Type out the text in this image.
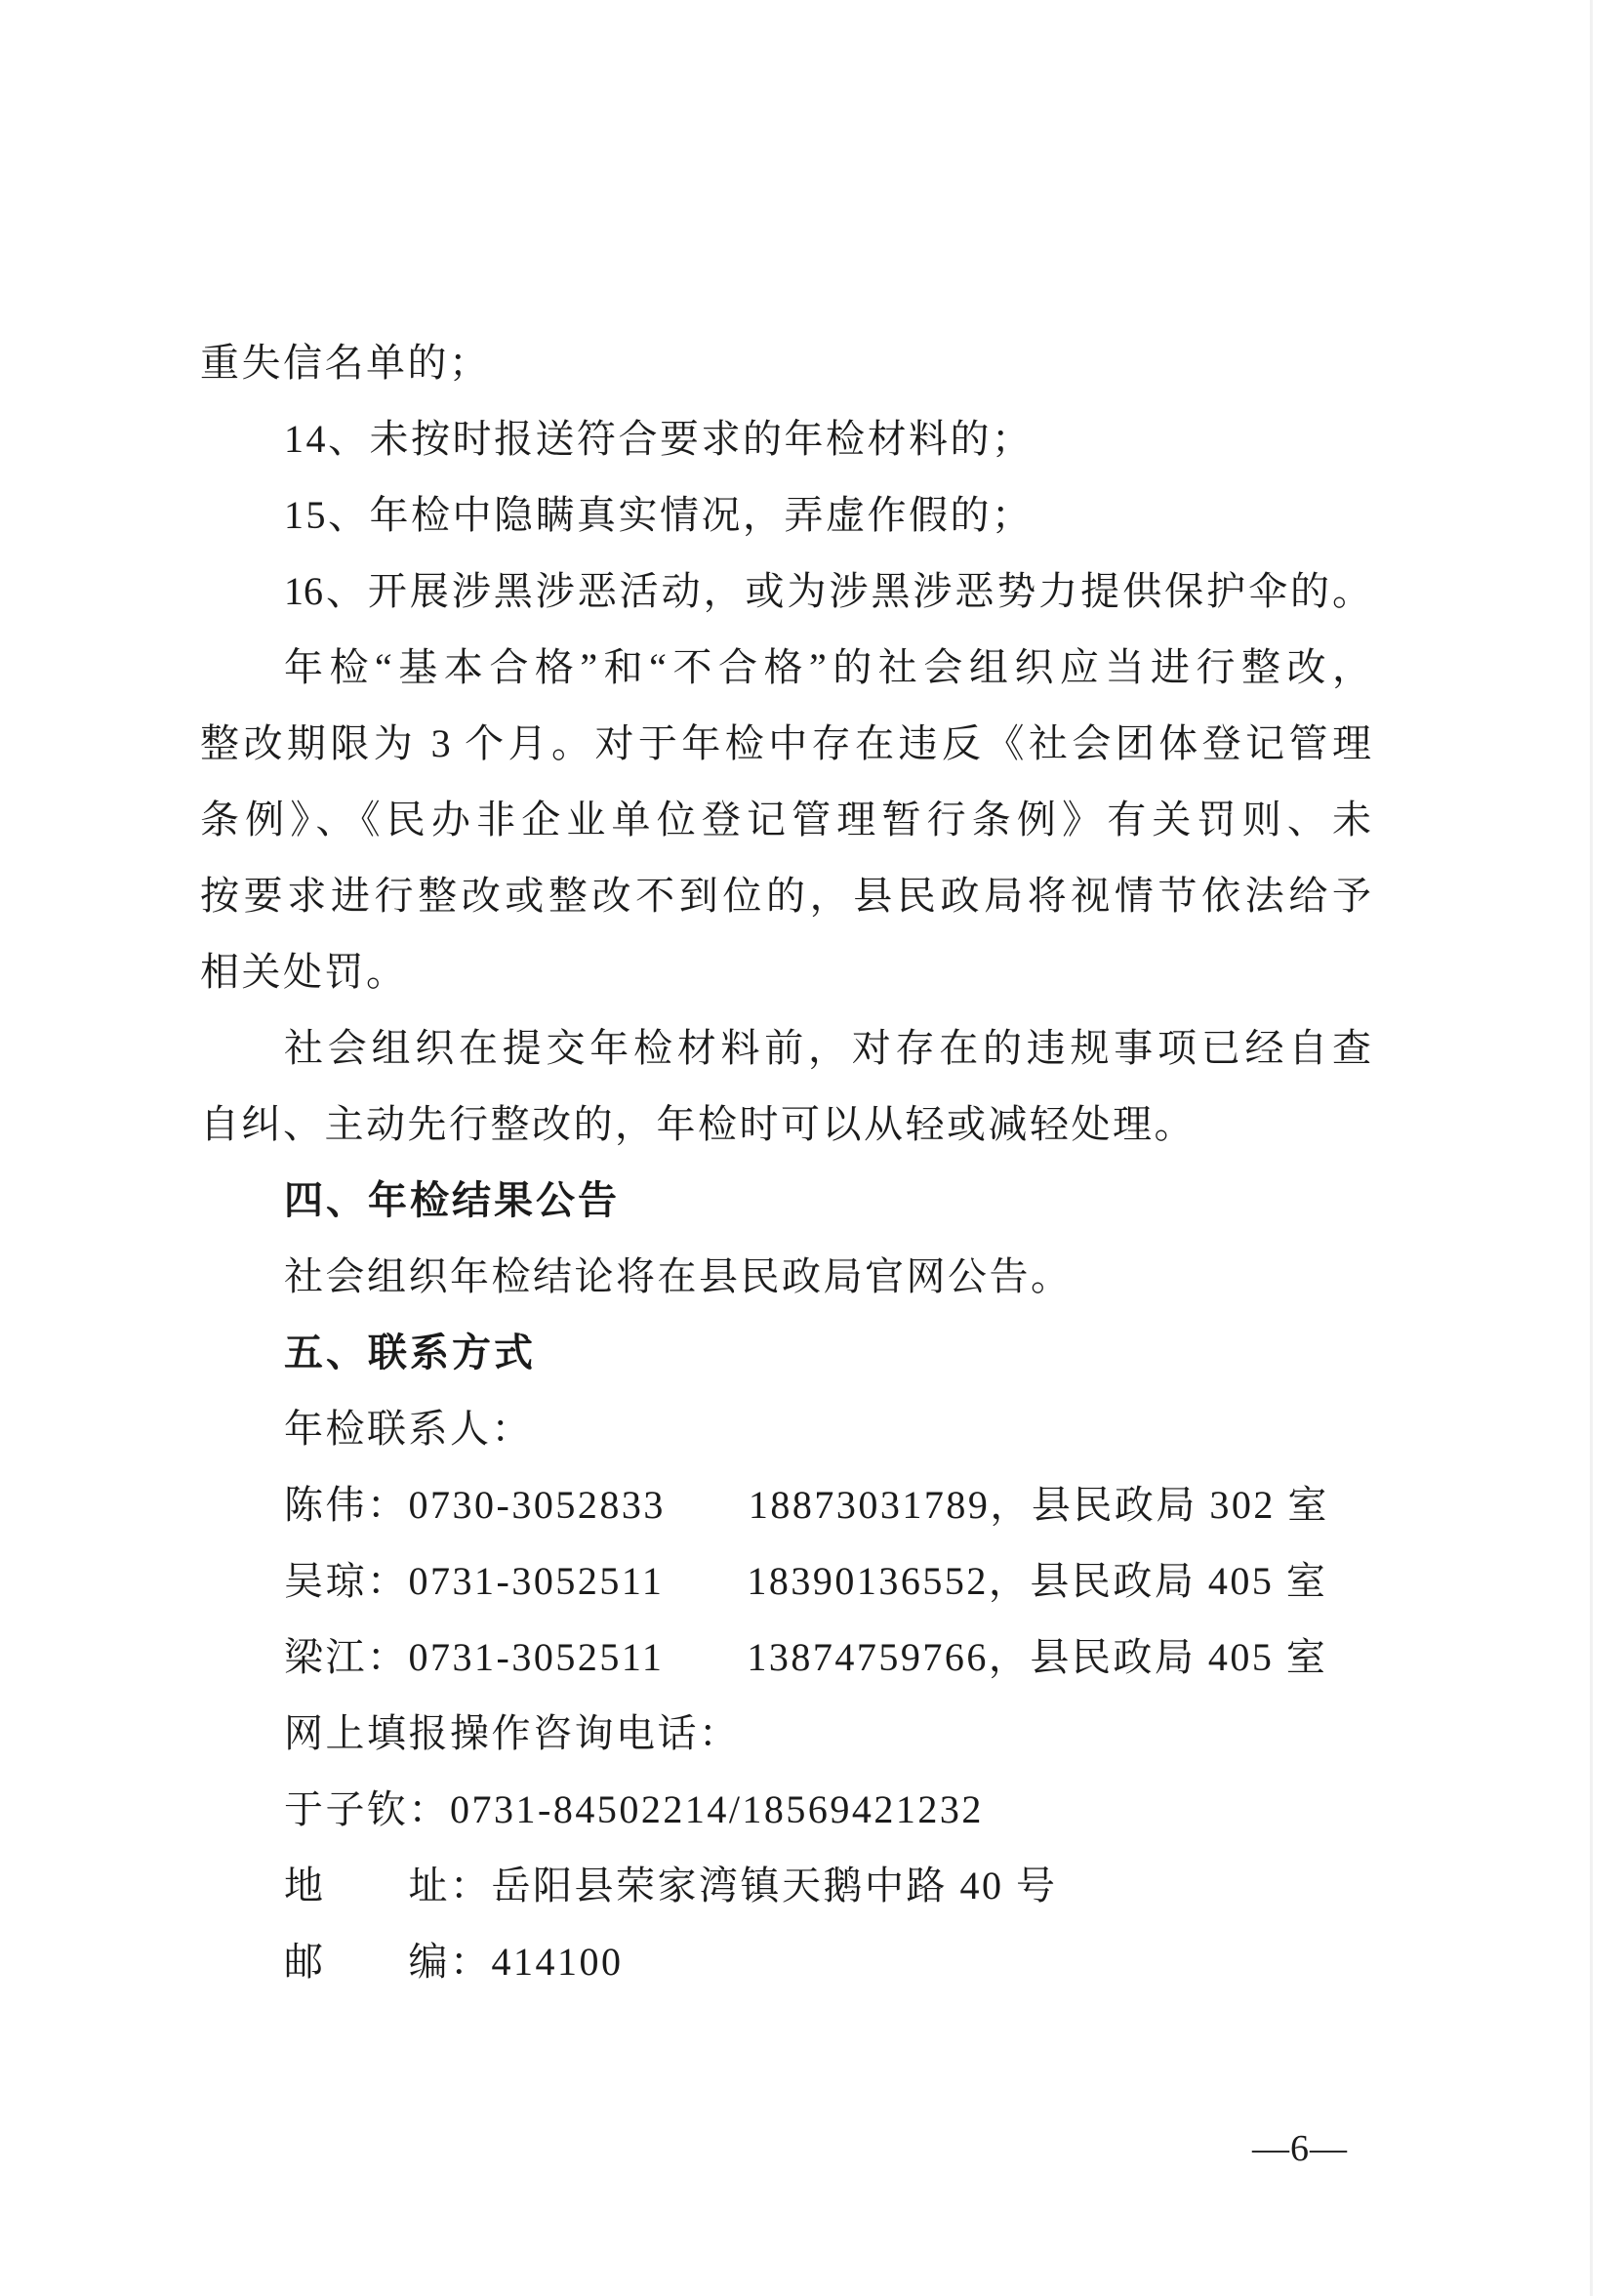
重失信名单的；
14、未按时报送符合要求的年检材料的；
15、年检中隐瞒真实情况，弄虚作假的；
16、开展涉黑涉恶活动，或为涉黑涉恶势力提供保护伞的。
年检“基本合格”和“不合格”的社会组织应当进行整改，
整改期限为 3 个月。对于年检中存在违反《社会团体登记管理
条例》、《民办非企业单位登记管理暂行条例》有关罚则、未
按要求进行整改或整改不到位的，县民政局将视情节依法给予
相关处罚。
社会组织在提交年检材料前，对存在的违规事项已经自查
自纠、主动先行整改的，年检时可以从轻或减轻处理。
四、年检结果公告
社会组织年检结论将在县民政局官网公告。
五、联系方式
年检联系人：
陈伟：0730-3052833　　18873031789，县民政局 302 室
吴琼：0731-3052511　　18390136552，县民政局 405 室
梁江：0731-3052511　　13874759766，县民政局 405 室
网上填报操作咨询电话：
于子钦：0731-84502214/18569421232
地　　址：岳阳县荣家湾镇天鹅中路 40 号
邮　　编：414100
—6—
